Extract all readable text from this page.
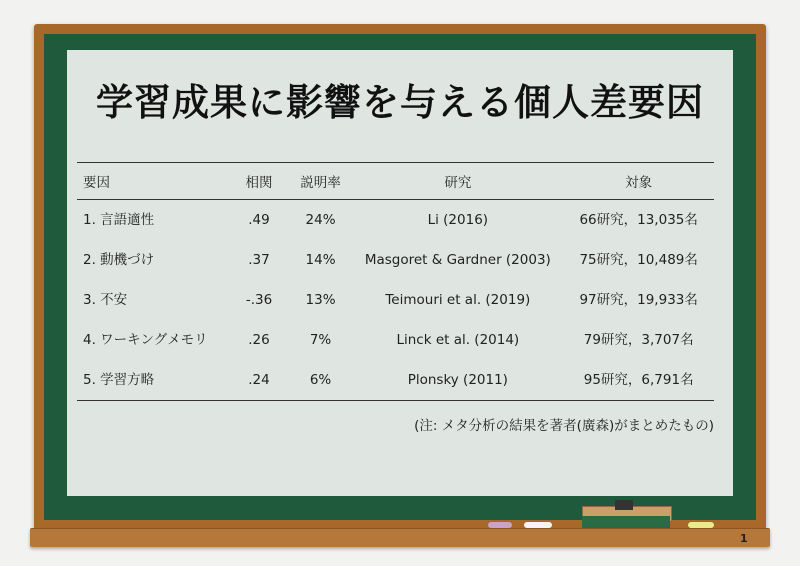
学習成果に影響を与える個人差要因
要因	相関	説明率	研究	対象
1. 言語適性	.49	24%	Li (2016)	66研究，13,035名
2. 動機づけ	.37	14%	Masgoret & Gardner (2003)	75研究，10,489名
3. 不安	-.36	13%	Teimouri et al. (2019)	97研究，19,933名
4. ワーキングメモリ	.26	7%	Linck et al. (2014)	79研究，3,707名
5. 学習方略	.24	6%	Plonsky (2011)	95研究，6,791名
(注: メタ分析の結果を著者(廣森)がまとめたもの)
1
